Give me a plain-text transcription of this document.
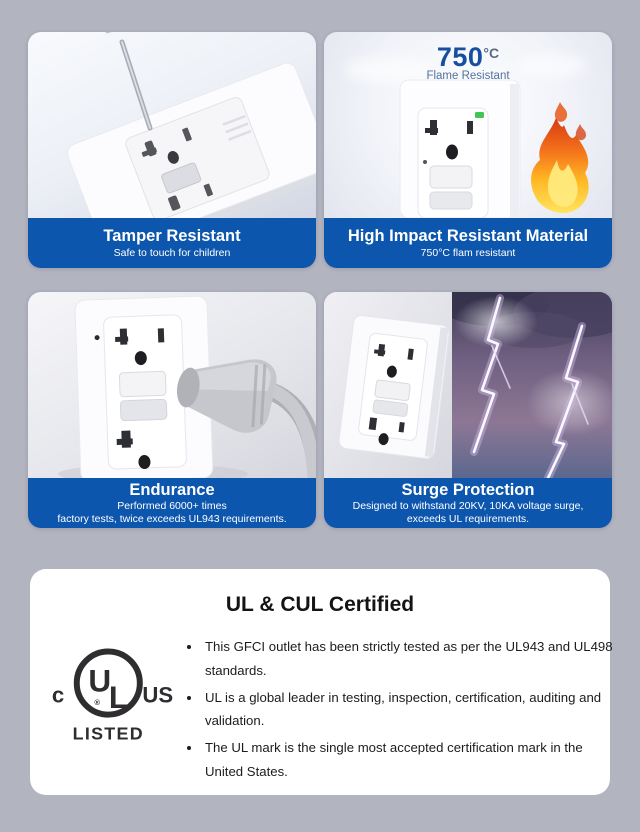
Tamper Resistant
Safe to touch for children
750°C
Flame Resistant
High Impact Resistant Material
750°C flam resistant
Endurance
Performed 6000+ times
factory tests, twice exceeds UL943 requirements.
Surge Protection
Designed to withstand 20KV, 10KA voltage surge,
exceeds UL requirements.
UL & CUL Certified
U
L
®
c	US
LISTED
• This GFCI outlet has been strictly tested as per the UL943 and UL498 standards.
• UL is a global leader in testing, inspection, certification, auditing and validation.
• The UL mark is the single most accepted certification mark in the United States.
